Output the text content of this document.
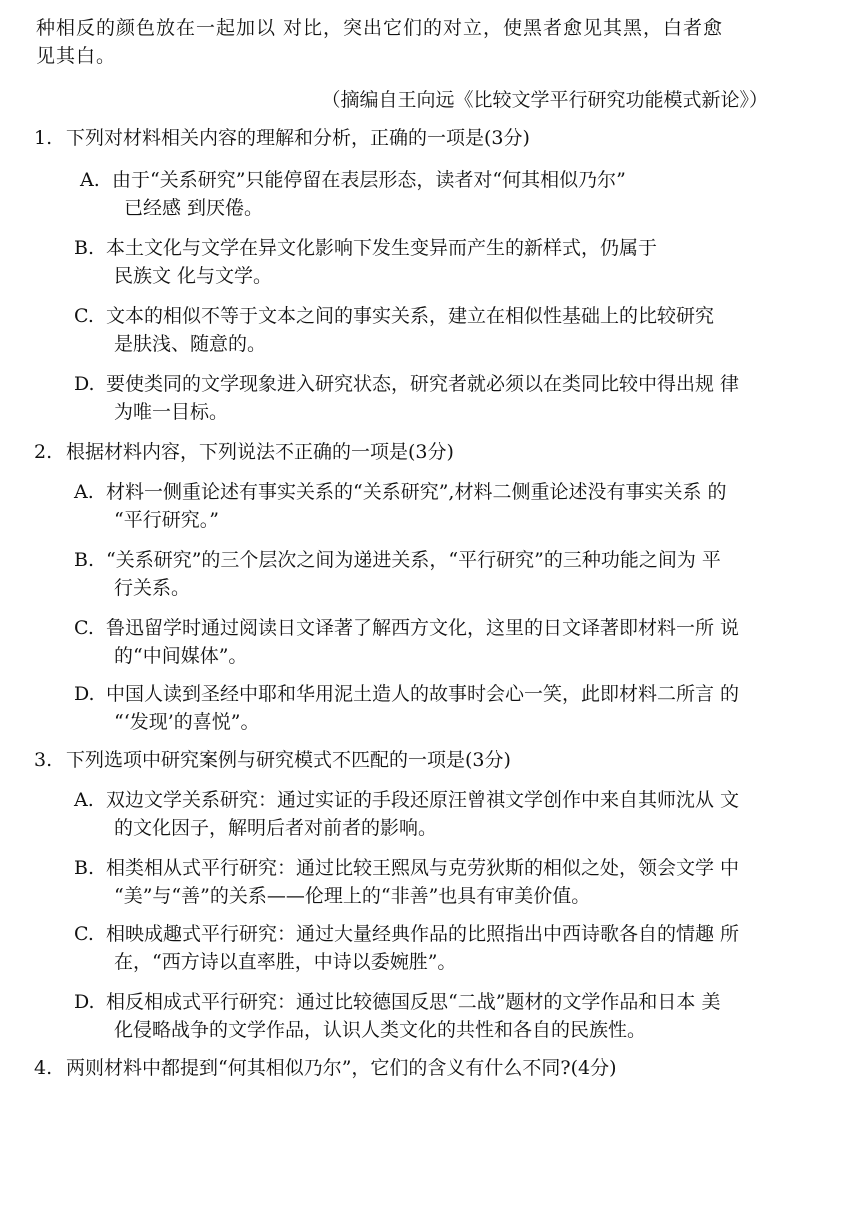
种相反的颜色放在一起加以 对比，突出它们的对立，使黑者愈见其黑，白者愈

见其白。

（摘编自王向远《比较文学平行研究功能模式新论》）
1. 下列对材料相关内容的理解和分析，正确的一项是(3分)
A. 由于“关系研究”只能停留在表层形态，读者对“何其相似乃尔”
已经感 到厌倦。
B. 本土文化与文学在异文化影响下发生变异而产生的新样式，仍属于
民族文 化与文学。
C. 文本的相似不等于文本之间的事实关系，建立在相似性基础上的比较研究
是肤浅、随意的。
D. 要使类同的文学现象进入研究状态，研究者就必须以在类同比较中得出规 律
为唯一目标。
2. 根据材料内容，下列说法不正确的一项是(3分)
A. 材料一侧重论述有事实关系的“关系研究”,材料二侧重论述没有事实关系 的
“平行研究。”
B. “关系研究”的三个层次之间为递进关系，“平行研究”的三种功能之间为 平
行关系。
C. 鲁迅留学时通过阅读日文译著了解西方文化，这里的日文译著即材料一所 说
的“中间媒体”。
D. 中国人读到圣经中耶和华用泥土造人的故事时会心一笑，此即材料二所言 的
“‘发现’的喜悦”。
3. 下列选项中研究案例与研究模式不匹配的一项是(3分)
A. 双边文学关系研究：通过实证的手段还原汪曾祺文学创作中来自其师沈从 文
的文化因子，解明后者对前者的影响。
B. 相类相从式平行研究：通过比较王熙凤与克劳狄斯的相似之处，领会文学 中
“美”与“善”的关系——伦理上的“非善”也具有审美价值。
C. 相映成趣式平行研究：通过大量经典作品的比照指出中西诗歌各自的情趣 所
在，“西方诗以直率胜，中诗以委婉胜”。
D. 相反相成式平行研究：通过比较德国反思“二战”题材的文学作品和日本 美
化侵略战争的文学作品，认识人类文化的共性和各自的民族性。
4. 两则材料中都提到“何其相似乃尔”，它们的含义有什么不同?(4分)
